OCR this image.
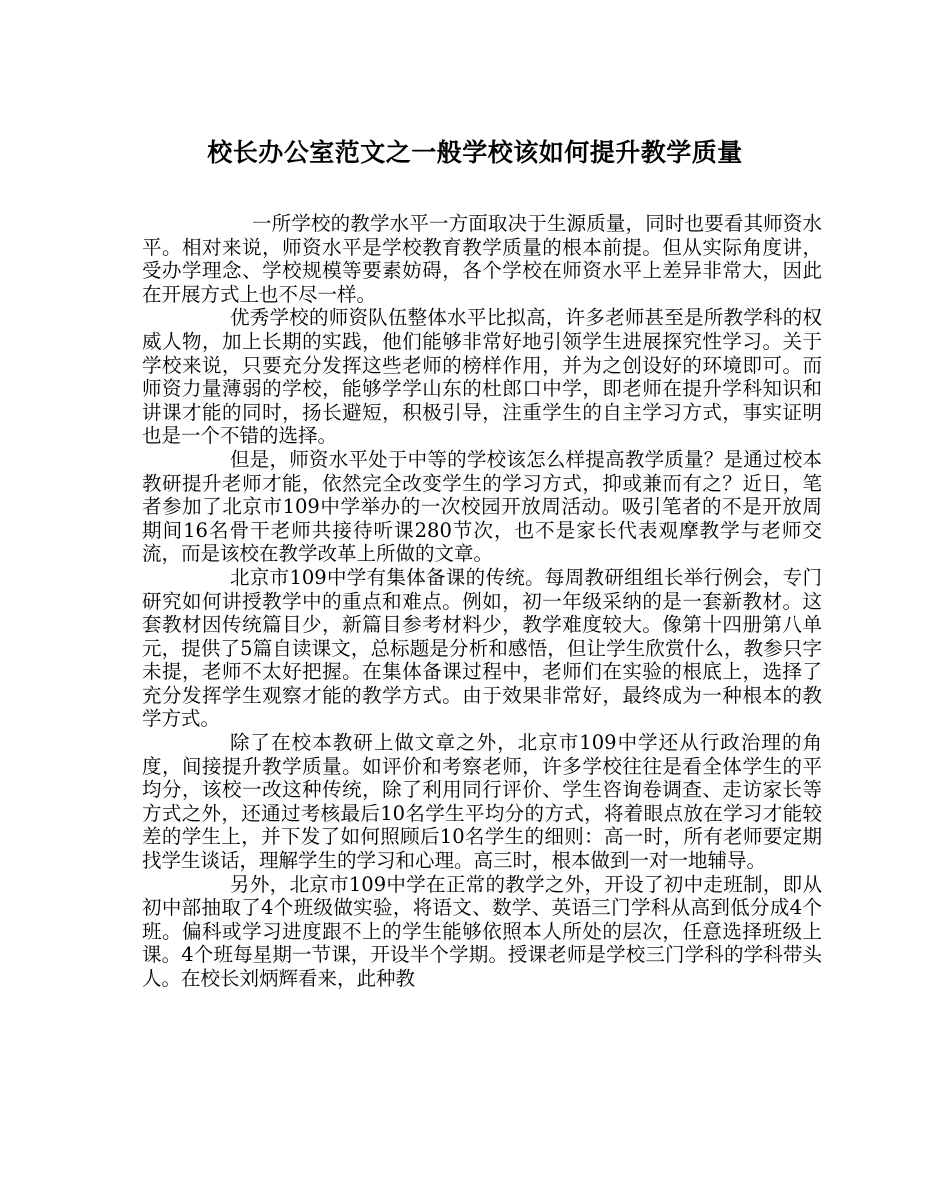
校长办公室范文之一般学校该如何提升教学质量

一所学校的教学水平一方面取决于生源质量，同时也要看其师资水平。相对来说，师资水平是学校教育教学质量的根本前提。但从实际角度讲，受办学理念、学校规模等要素妨碍，各个学校在师资水平上差异非常大，因此在开展方式上也不尽一样。

优秀学校的师资队伍整体水平比拟高，许多老师甚至是所教学科的权威人物，加上长期的实践，他们能够非常好地引领学生进展探究性学习。关于学校来说，只要充分发挥这些老师的榜样作用，并为之创设好的环境即可。而师资力量薄弱的学校，能够学学山东的杜郎口中学，即老师在提升学科知识和讲课才能的同时，扬长避短，积极引导，注重学生的自主学习方式，事实证明也是一个不错的选择。

但是，师资水平处于中等的学校该怎么样提高教学质量？是通过校本教研提升老师才能，依然完全改变学生的学习方式，抑或兼而有之？近日，笔者参加了北京市109中学举办的一次校园开放周活动。吸引笔者的不是开放周期间16名骨干老师共接待听课280节次，也不是家长代表观摩教学与老师交流，而是该校在教学改革上所做的文章。

北京市109中学有集体备课的传统。每周教研组组长举行例会，专门研究如何讲授教学中的重点和难点。例如，初一年级采纳的是一套新教材。这套教材因传统篇目少，新篇目参考材料少，教学难度较大。像第十四册第八单元，提供了5篇自读课文，总标题是分析和感悟，但让学生欣赏什么，教参只字未提，老师不太好把握。在集体备课过程中，老师们在实验的根底上，选择了充分发挥学生观察才能的教学方式。由于效果非常好，最终成为一种根本的教学方式。

除了在校本教研上做文章之外，北京市109中学还从行政治理的角度，间接提升教学质量。如评价和考察老师，许多学校往往是看全体学生的平均分，该校一改这种传统，除了利用同行评价、学生咨询卷调查、走访家长等方式之外，还通过考核最后10名学生平均分的方式，将着眼点放在学习才能较差的学生上，并下发了如何照顾后10名学生的细则：高一时，所有老师要定期找学生谈话，理解学生的学习和心理。高三时，根本做到一对一地辅导。

另外，北京市109中学在正常的教学之外，开设了初中走班制，即从初中部抽取了4个班级做实验，将语文、数学、英语三门学科从高到低分成4个班。偏科或学习进度跟不上的学生能够依照本人所处的层次，任意选择班级上课。4个班每星期一节课，开设半个学期。授课老师是学校三门学科的学科带头人。在校长刘炳辉看来，此种教
